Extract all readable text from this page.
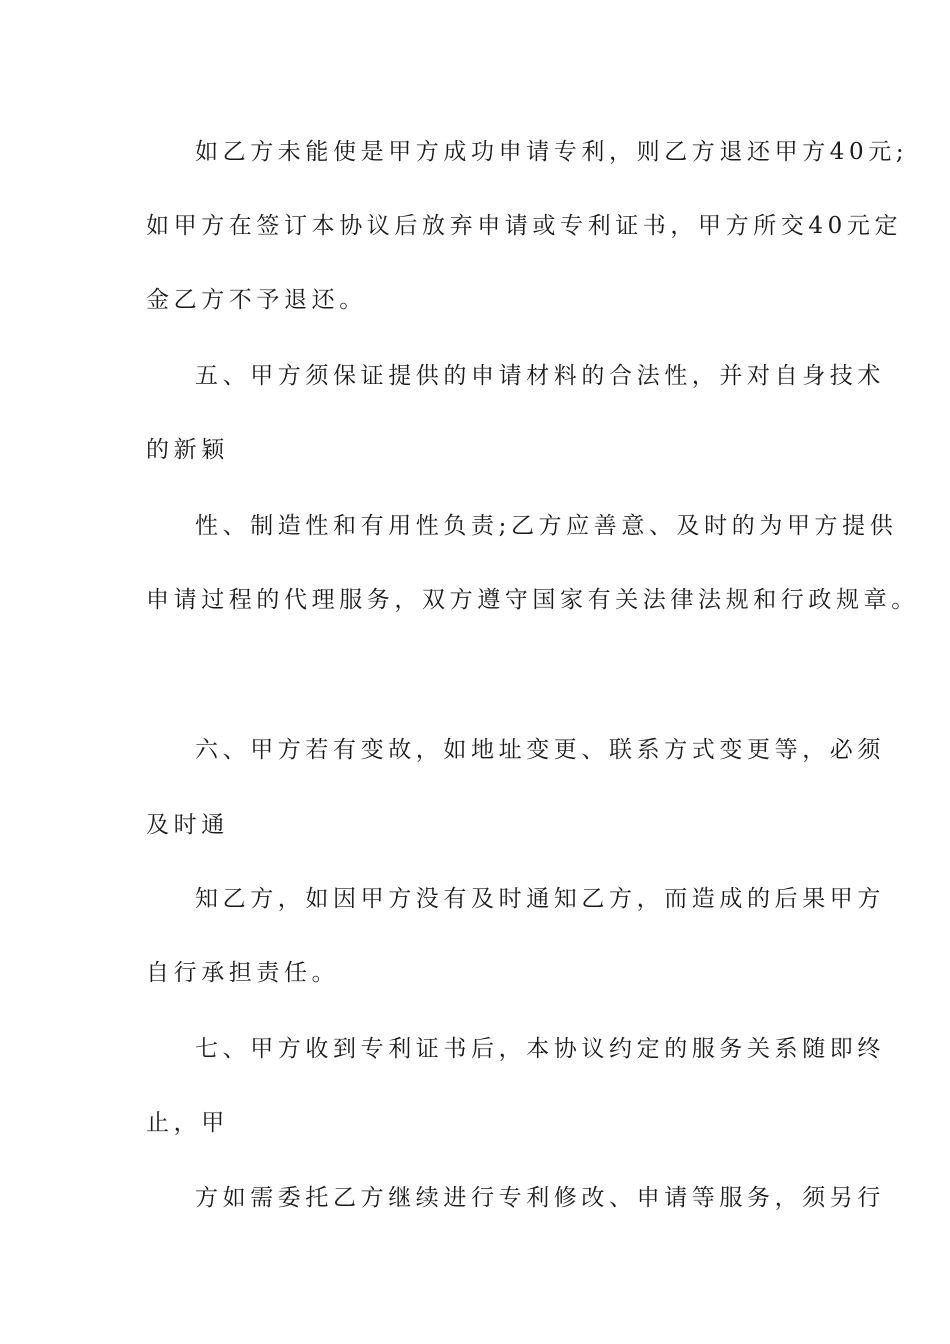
如乙方未能使是甲方成功申请专利，则乙方退还甲方40元;
如甲方在签订本协议后放弃申请或专利证书，甲方所交40元定
金乙方不予退还。
五、甲方须保证提供的申请材料的合法性，并对自身技术
的新颖
性、制造性和有用性负责;乙方应善意、及时的为甲方提供
申请过程的代理服务，双方遵守国家有关法律法规和行政规章。
六、甲方若有变故，如地址变更、联系方式变更等，必须
及时通
知乙方，如因甲方没有及时通知乙方，而造成的后果甲方
自行承担责任。
七、甲方收到专利证书后，本协议约定的服务关系随即终
止，甲
方如需委托乙方继续进行专利修改、申请等服务，须另行
